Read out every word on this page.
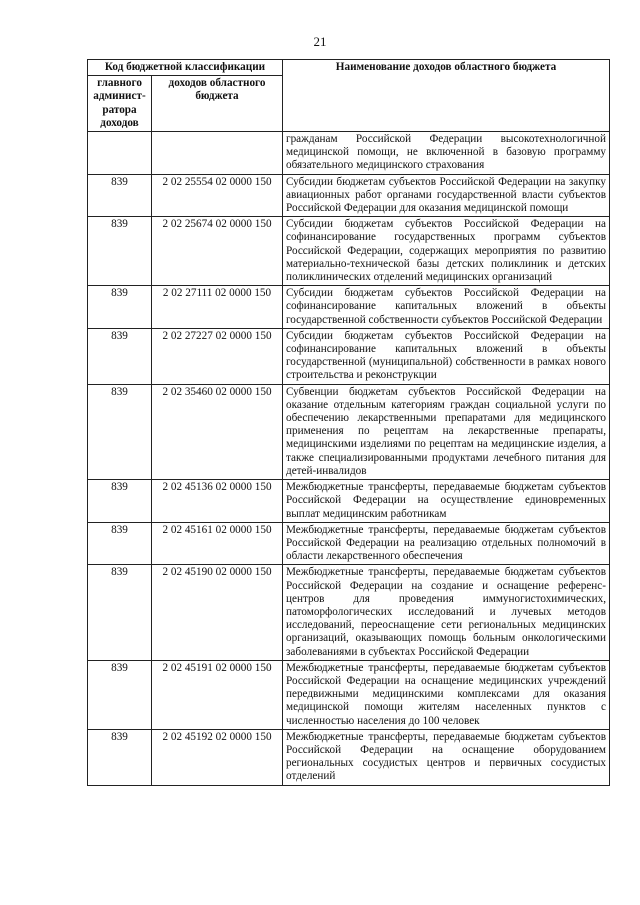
21
Код бюджетной классификации		Наименование доходов областного бюджета
главного админист-ратора доходов	доходов областного бюджета	
		гражданам Российской Федерации высокотехнологичной медицинской помощи, не включенной в базовую программу обязательного медицинского страхования
839	2 02 25554 02 0000 150	Субсидии бюджетам субъектов Российской Федерации на закупку авиационных работ органами государственной власти субъектов Российской Федерации для оказания медицинской помощи
839	2 02 25674 02 0000 150	Субсидии бюджетам субъектов Российской Федерации на софинансирование государственных программ субъектов Российской Федерации, содержащих мероприятия по развитию материально-технической базы детских поликлиник и детских поликлинических отделений медицинских организаций
839	2 02 27111 02 0000 150	Субсидии бюджетам субъектов Российской Федерации на софинансирование капитальных вложений в объекты государственной собственности субъектов Российской Федерации
839	2 02 27227 02 0000 150	Субсидии бюджетам субъектов Российской Федерации на софинансирование капитальных вложений в объекты государственной (муниципальной) собственности в рамках нового строительства и реконструкции
839	2 02 35460 02 0000 150	Субвенции бюджетам субъектов Российской Федерации на оказание отдельным категориям граждан социальной услуги по обеспечению лекарственными препаратами для медицинского применения по рецептам на лекарственные препараты, медицинскими изделиями по рецептам на медицинские изделия, а также специализированными продуктами лечебного питания для детей-инвалидов
839	2 02 45136 02 0000 150	Межбюджетные трансферты, передаваемые бюджетам субъектов Российской Федерации на осуществление единовременных выплат медицинским работникам
839	2 02 45161 02 0000 150	Межбюджетные трансферты, передаваемые бюджетам субъектов Российской Федерации на реализацию отдельных полномочий в области лекарственного обеспечения
839	2 02 45190 02 0000 150	Межбюджетные трансферты, передаваемые бюджетам субъектов Российской Федерации на создание и оснащение референс-центров для проведения иммуногистохимических, патоморфологических исследований и лучевых методов исследований, переоснащение сети региональных медицинских организаций, оказывающих помощь больным онкологическими заболеваниями в субъектах Российской Федерации
839	2 02 45191 02 0000 150	Межбюджетные трансферты, передаваемые бюджетам субъектов Российской Федерации на оснащение медицинских учреждений передвижными медицинскими комплексами для оказания медицинской помощи жителям населенных пунктов с численностью населения до 100 человек
839	2 02 45192 02 0000 150	Межбюджетные трансферты, передаваемые бюджетам субъектов Российской Федерации на оснащение оборудованием региональных сосудистых центров и первичных сосудистых отделений
